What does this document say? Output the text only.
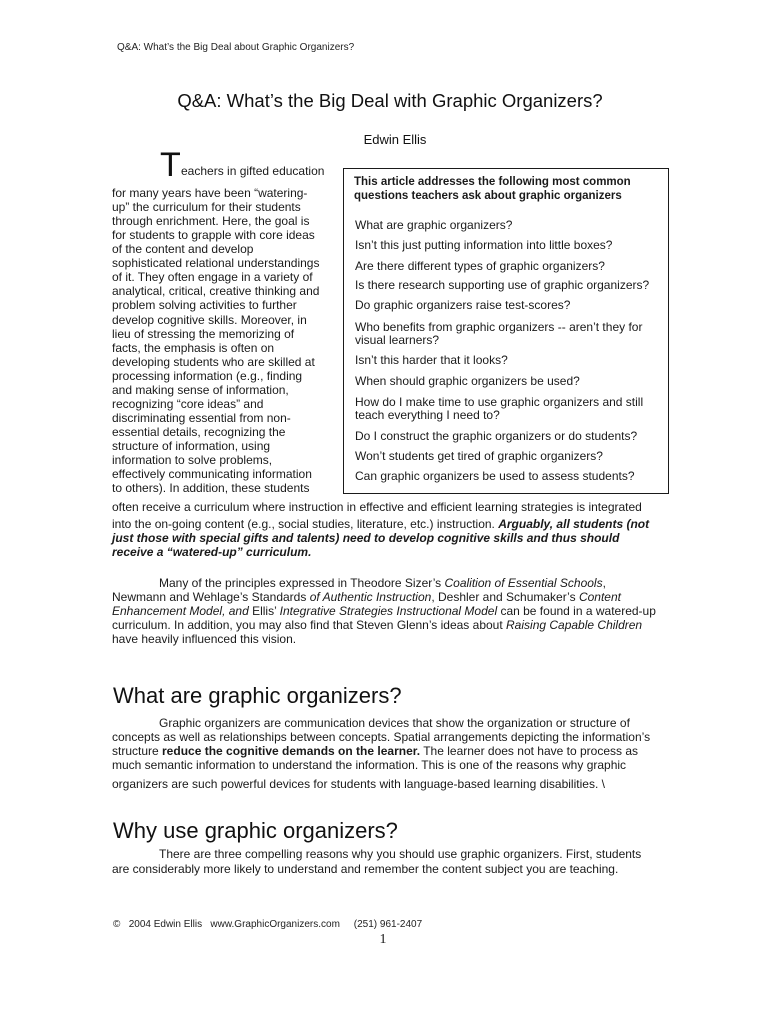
Q&A: What’s the Big Deal about Graphic Organizers?
Q&A: What’s the Big Deal with Graphic Organizers?
Edwin Ellis
T eachers in gifted education
for many years have been “watering-
up” the curriculum for their students
through enrichment. Here, the goal is
for students to grapple with core ideas
of the content and develop
sophisticated relational understandings
of it. They often engage in a variety of
analytical, critical, creative thinking and
problem solving activities to further
develop cognitive skills. Moreover, in
lieu of stressing the memorizing of
facts, the emphasis is often on
developing students who are skilled at
processing information (e.g., finding
and making sense of information,
recognizing “core ideas” and
discriminating essential from non-
essential details, recognizing the
structure of information, using
information to solve problems,
effectively communicating information
to others). In addition, these students
This article addresses the following most common
questions teachers ask about graphic organizers
What are graphic organizers?
Isn’t this just putting information into little boxes?
Are there different types of graphic organizers?
Is there research supporting use of graphic organizers?
Do graphic organizers raise test-scores?
Who benefits from graphic organizers -- aren’t they for
visual learners?
Isn’t this harder that it looks?
When should graphic organizers be used?
How do I make time to use graphic organizers and still
teach everything I need to?
Do I construct the graphic organizers or do students?
Won’t students get tired of graphic organizers?
Can graphic organizers be used to assess students?
often receive a curriculum where instruction in effective and efficient learning strategies is integrated
into the on-going content (e.g., social studies, literature, etc.) instruction. Arguably, all students (not
just those with special gifts and talents) need to develop cognitive skills and thus should
receive a “watered-up” curriculum.
Many of the principles expressed in Theodore Sizer’s Coalition of Essential Schools,
Newmann and Wehlage’s Standards of Authentic Instruction, Deshler and Schumaker’s Content
Enhancement Model, and Ellis’ Integrative Strategies Instructional Model can be found in a watered-up
curriculum. In addition, you may also find that Steven Glenn’s ideas about Raising Capable Children
have heavily influenced this vision.
What are graphic organizers?
Graphic organizers are communication devices that show the organization or structure of
concepts as well as relationships between concepts. Spatial arrangements depicting the information’s
structure reduce the cognitive demands on the learner. The learner does not have to process as
much semantic information to understand the information. This is one of the reasons why graphic
organizers are such powerful devices for students with language-based learning disabilities. \
Why use graphic organizers?
There are three compelling reasons why you should use graphic organizers. First, students
are considerably more likely to understand and remember the content subject you are teaching.
©   2004 Edwin Ellis   www.GraphicOrganizers.com     (251) 961-2407
1
